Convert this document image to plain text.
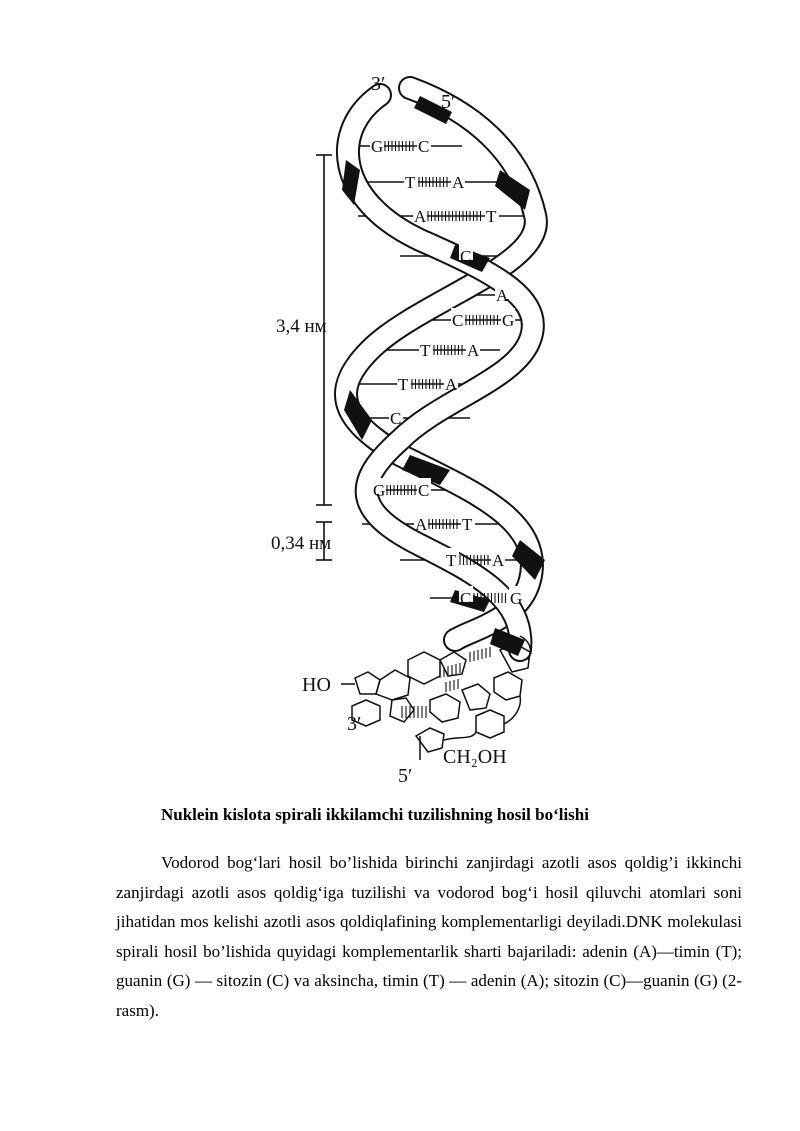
G C
T A
A	T
C
A
C G
T A
T A
C
G C
A T
T A
C G
3,4 нм
0,34 нм
3′
5′
3′
5′
HO
CH₂OH

Nuklein kislota spirali ikkilamchi tuzilishning hosil bo‘lishi

Vodorod bog‘lari hosil bo’lishida birinchi zanjirdagi azotli asos qoldig’i ikkinchi zanjirdagi azotli asos qoldig‘iga tuzilishi va vodorod bog‘i hosil qiluvchi atomlari soni jihatidan mos kelishi azotli asos qoldiqlafining komplementarligi deyiladi.DNK molekulasi spirali hosil bo’lishida quyidagi komplementarlik sharti bajariladi: adenin (A)—timin (T); guanin (G) — sitozin (C) va aksincha, timin (T) — adenin (A); sitozin (C)—guanin (G) (2-rasm).
